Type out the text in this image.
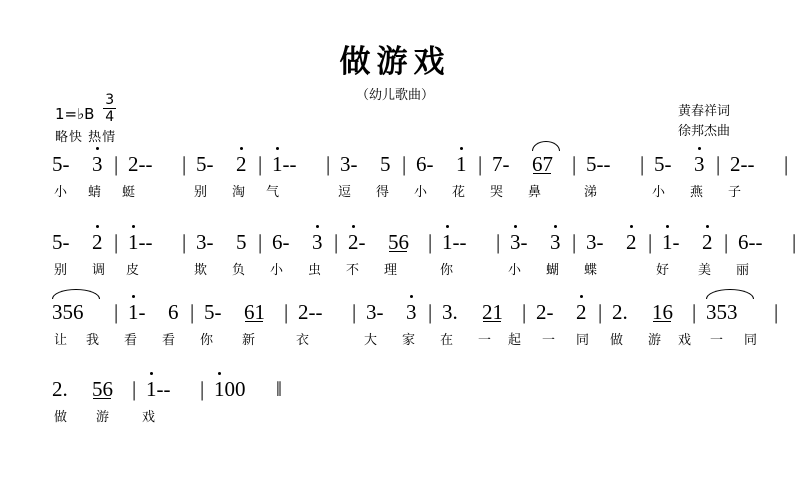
做游戏
（幼儿歌曲）
1=♭B $\frac{3}{4}$
略快 热情
黄春祥词
徐邦杰曲
5- 3 | 2-- | 5- 2 | 1-- | 3- 5 | 6- 1 | 7- 67 | 5-- | 5- 3 | 2-- |
小 蜻 蜓	别 淘 气	逗 得 小 花 哭 鼻	涕	小 燕 子
5- 2 | 1-- | 3- 5 | 6- 3 | 2- 56 | 1-- | 3- 3 | 3- 2 | 1- 2 | 6-- |
别 调 皮	欺 负 小 虫 不 理	你	小 蝴 蝶	好 美 丽
356 | 1- 6 | 5- 61 | 2-- | 3- 3 | 3. 21 | 2- 2 | 2. 16 | 353 |
让 我 看 看 你 新	衣	大 家 在 一 起 一 同 做 游 戏 一 同
2. 56 | 1-- | 100 ‖
做 游	戏
